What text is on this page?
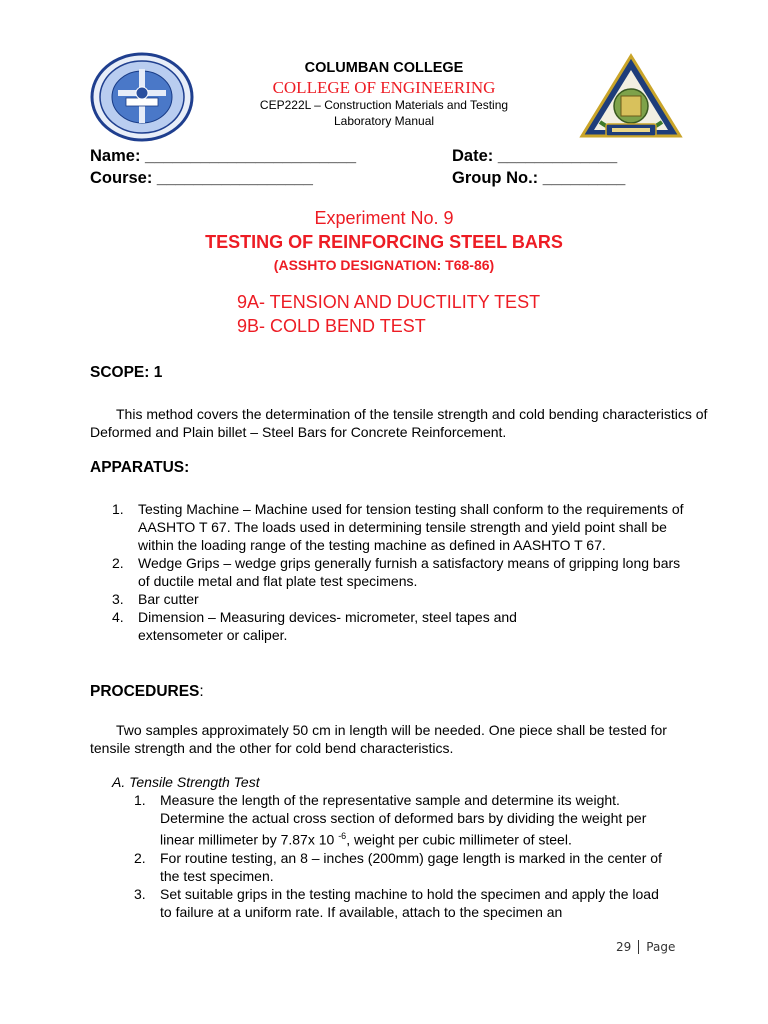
COLUMBAN COLLEGE
COLLEGE OF ENGINEERING
CEP222L – Construction Materials and Testing
Laboratory Manual
Name: _______________________
Course: _________________
Date: _____________
Group No.: _________
Experiment No. 9
TESTING OF REINFORCING STEEL BARS
(ASSHTO DESIGNATION: T68-86)
9A- TENSION AND DUCTILITY TEST
9B- COLD BEND TEST
SCOPE: 1
This method covers the determination of the tensile strength and cold bending characteristics of Deformed and Plain billet – Steel Bars for Concrete Reinforcement.
APPARATUS:
1. Testing Machine – Machine used for tension testing shall conform to the requirements of AASHTO T 67. The loads used in determining tensile strength and yield point shall be within the loading range of the testing machine as defined in AASHTO T 67.
2. Wedge Grips – wedge grips generally furnish a satisfactory means of gripping long bars of ductile metal and flat plate test specimens.
3. Bar cutter
4. Dimension – Measuring devices- micrometer, steel tapes and extensometer or caliper.
PROCEDURES:
Two samples approximately 50 cm in length will be needed. One piece shall be tested for tensile strength and the other for cold bend characteristics.
A. Tensile Strength Test
1. Measure the length of the representative sample and determine its weight. Determine the actual cross section of deformed bars by dividing the weight per linear millimeter by 7.87x 10 $^{-6}$, weight per cubic millimeter of steel.
2. For routine testing, an 8 – inches (200mm) gage length is marked in the center of the test specimen.
3. Set suitable grips in the testing machine to hold the specimen and apply the load to failure at a uniform rate. If available, attach to the specimen an
29 Page
